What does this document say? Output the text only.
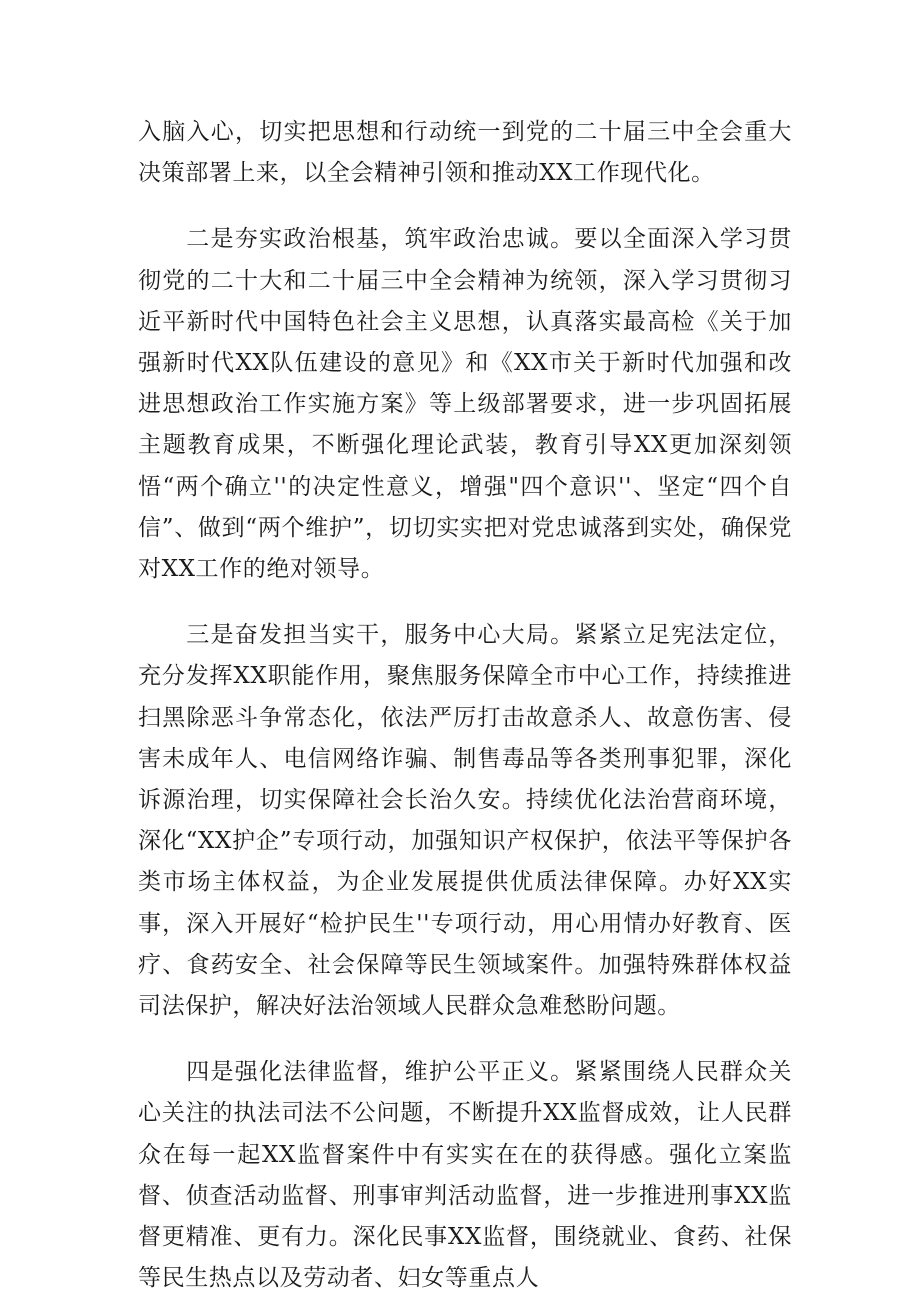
入脑入心，切实把思想和行动统一到党的二十届三中全会重大决策部署上来，以全会精神引领和推动XX工作现代化。

二是夯实政治根基，筑牢政治忠诚。要以全面深入学习贯彻党的二十大和二十届三中全会精神为统领，深入学习贯彻习近平新时代中国特色社会主义思想，认真落实最高检《关于加强新时代XX队伍建设的意见》和《XX市关于新时代加强和改进思想政治工作实施方案》等上级部署要求，进一步巩固拓展主题教育成果，不断强化理论武装，教育引导XX更加深刻领悟“两个确立''的决定性意义，增强"四个意识''、坚定“四个自信”、做到“两个维护”，切切实实把对党忠诚落到实处，确保党对XX工作的绝对领导。

三是奋发担当实干，服务中心大局。紧紧立足宪法定位，充分发挥XX职能作用，聚焦服务保障全市中心工作，持续推进扫黑除恶斗争常态化，依法严厉打击故意杀人、故意伤害、侵害未成年人、电信网络诈骗、制售毒品等各类刑事犯罪，深化诉源治理，切实保障社会长治久安。持续优化法治营商环境，深化“XX护企”专项行动，加强知识产权保护，依法平等保护各类市场主体权益，为企业发展提供优质法律保障。办好XX实事，深入开展好“检护民生''专项行动，用心用情办好教育、医疗、食药安全、社会保障等民生领域案件。加强特殊群体权益司法保护，解决好法治领域人民群众急难愁盼问题。

四是强化法律监督，维护公平正义。紧紧围绕人民群众关心关注的执法司法不公问题，不断提升XX监督成效，让人民群众在每一起XX监督案件中有实实在在的获得感。强化立案监督、侦查活动监督、刑事审判活动监督，进一步推进刑事XX监督更精准、更有力。深化民事XX监督，围绕就业、食药、社保等民生热点以及劳动者、妇女等重点人
